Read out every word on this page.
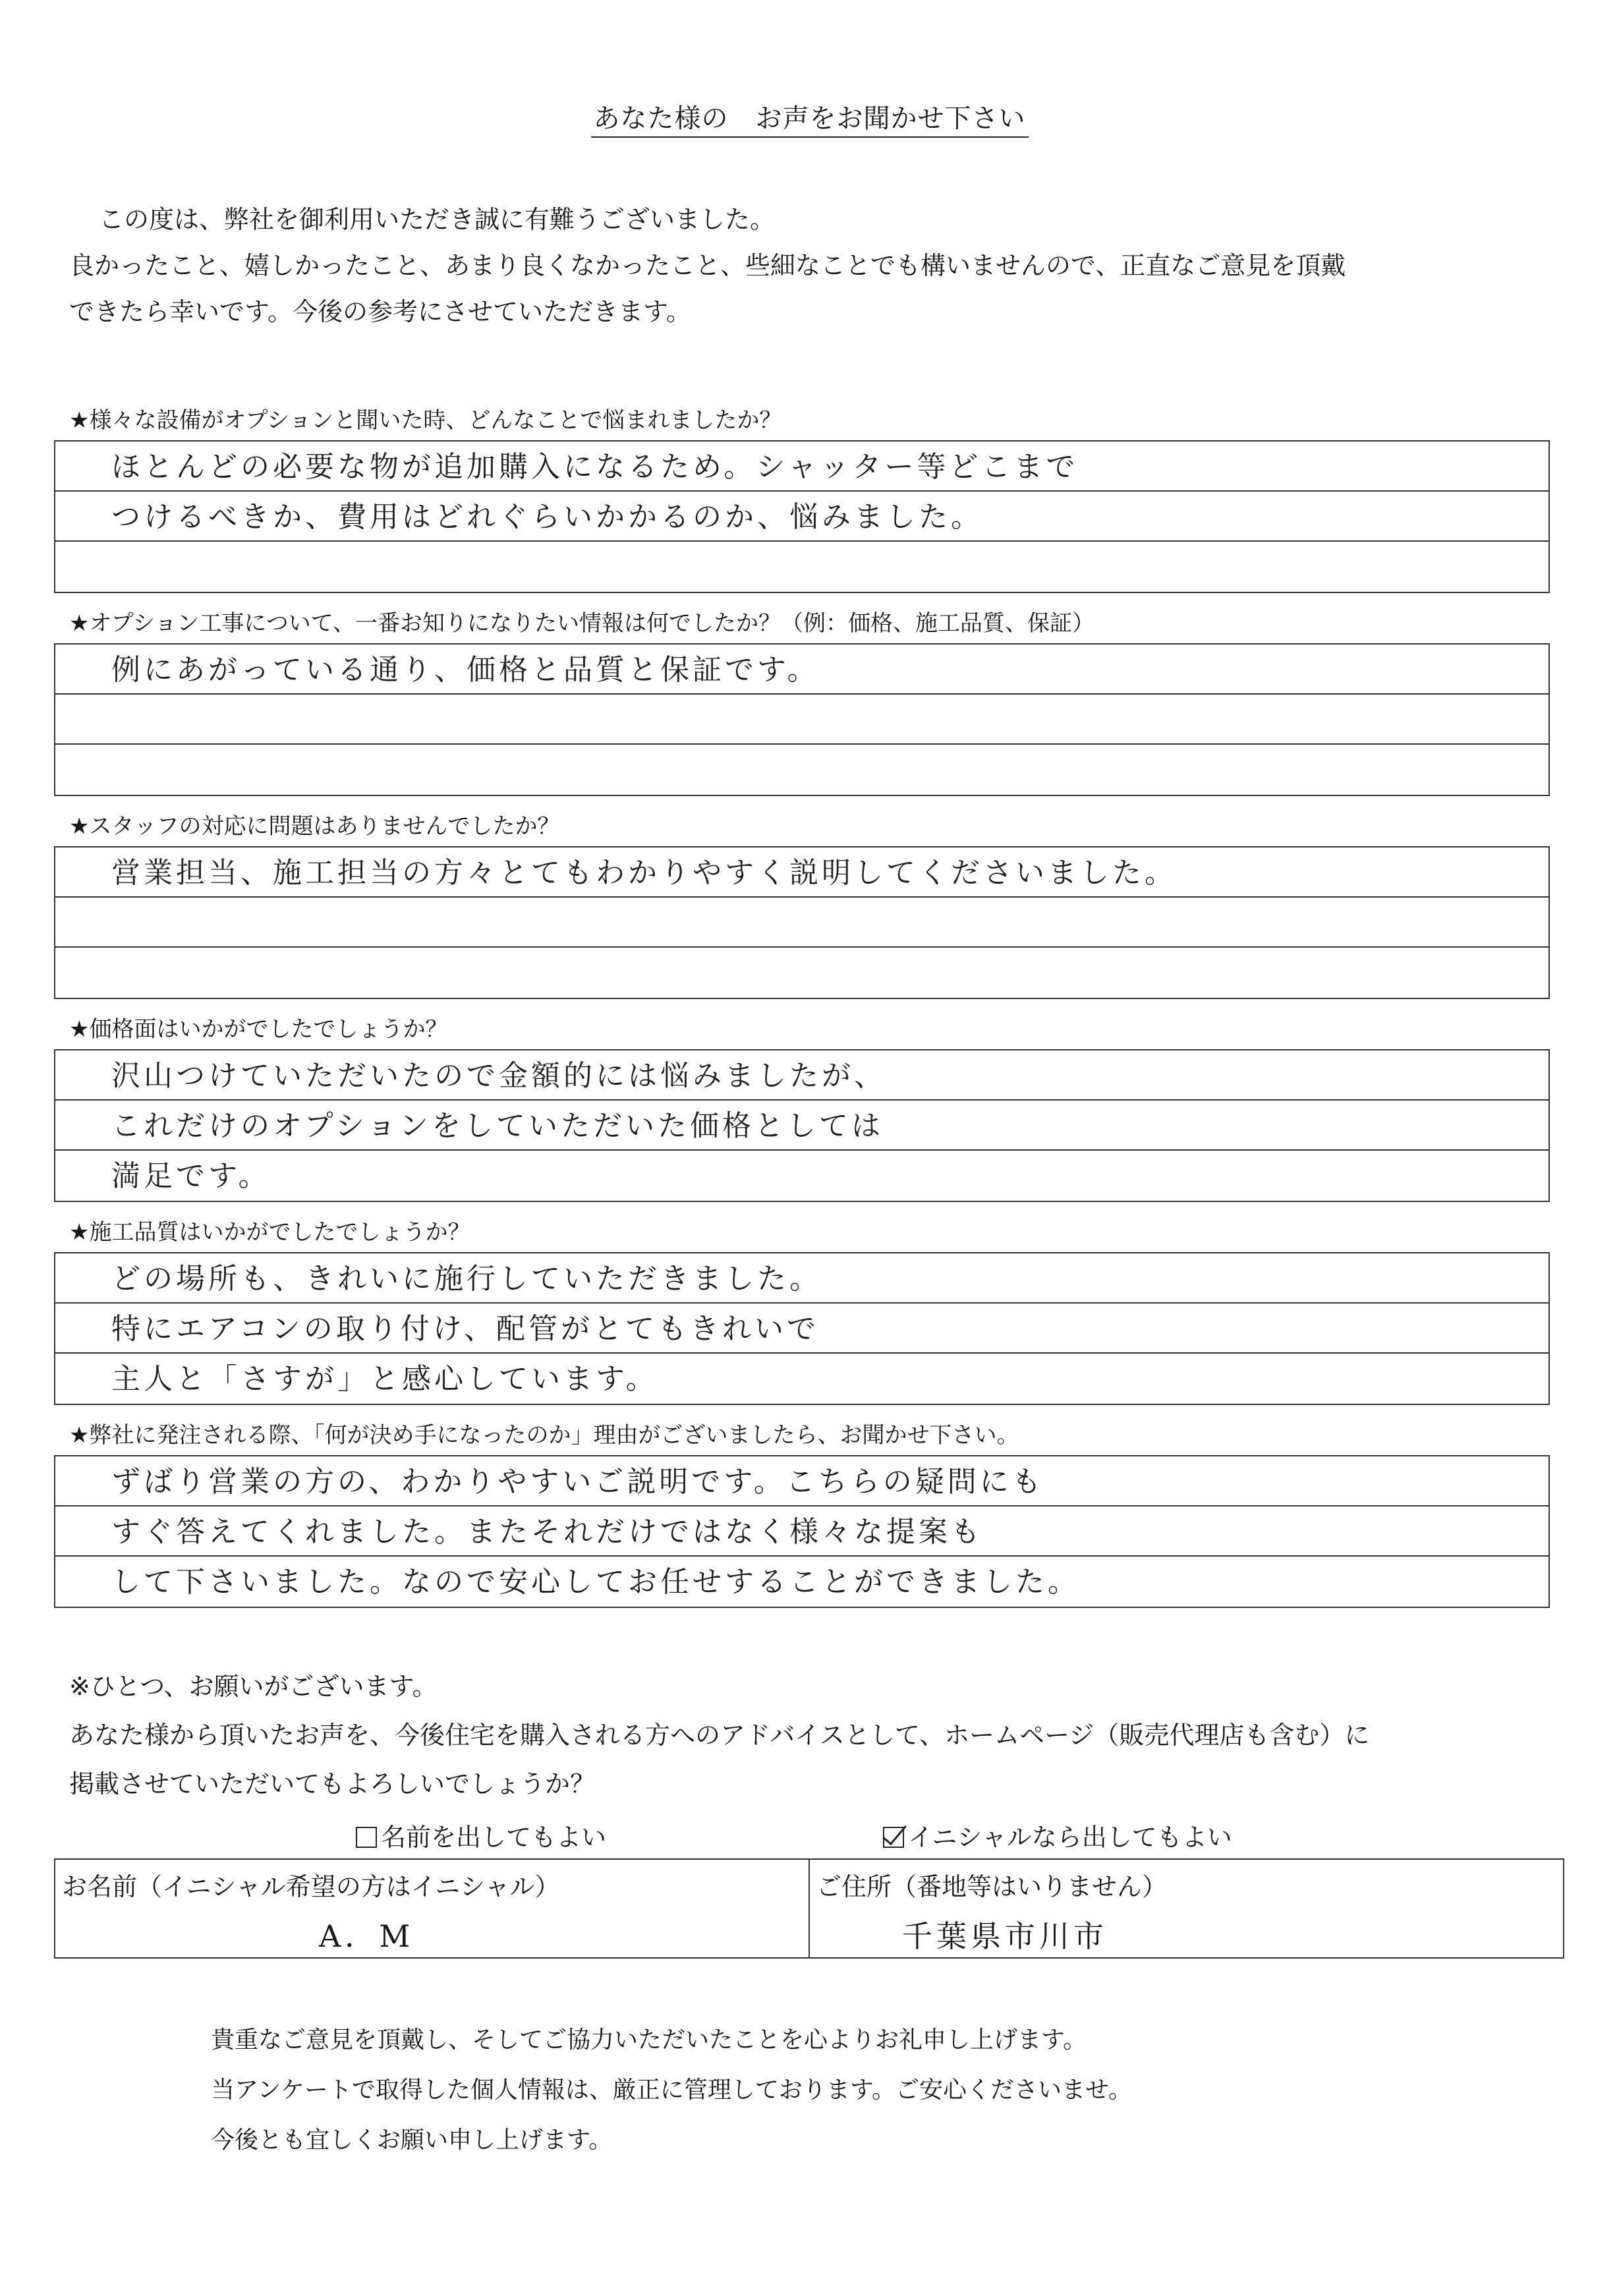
あなた様の　お声をお聞かせ下さい

この度は、弊社を御利用いただき誠に有難うございました。

良かったこと、嬉しかったこと、あまり良くなかったこと、些細なことでも構いませんので、正直なご意見を頂戴

できたら幸いです。今後の参考にさせていただきます。

★様々な設備がオプションと聞いた時、どんなことで悩まれましたか？
ほとんどの必要な物が追加購入になるため。シャッター等どこまで
つけるべきか、費用はどれぐらいかかるのか、悩みました。
★オプション工事について、一番お知りになりたい情報は何でしたか？（例：価格、施工品質、保証）
例にあがっている通り、価格と品質と保証です。
★スタッフの対応に問題はありませんでしたか？
営業担当、施工担当の方々とてもわかりやすく説明してくださいました。
★価格面はいかがでしたでしょうか？
沢山つけていただいたので金額的には悩みましたが、
これだけのオプションをしていただいた価格としては
満足です。
★施工品質はいかがでしたでしょうか？
どの場所も、きれいに施行していただきました。
特にエアコンの取り付け、配管がとてもきれいで
主人と「さすが」と感心しています。
★弊社に発注される際、「何が決め手になったのか」理由がございましたら、お聞かせ下さい。
ずばり営業の方の、わかりやすいご説明です。こちらの疑問にも
すぐ答えてくれました。またそれだけではなく様々な提案も
して下さいました。なので安心してお任せすることができました。
※ひとつ、お願いがございます。
あなた様から頂いたお声を、今後住宅を購入される方へのアドバイスとして、ホームページ（販売代理店も含む）に
掲載させていただいてもよろしいでしょうか？
名前を出してもよい	イニシャルなら出してもよい
お名前（イニシャル希望の方はイニシャル）
A．M
ご住所（番地等はいりません）
千葉県市川市

貴重なご意見を頂戴し、そしてご協力いただいたことを心よりお礼申し上げます。

当アンケートで取得した個人情報は、厳正に管理しております。ご安心くださいませ。

今後とも宜しくお願い申し上げます。
